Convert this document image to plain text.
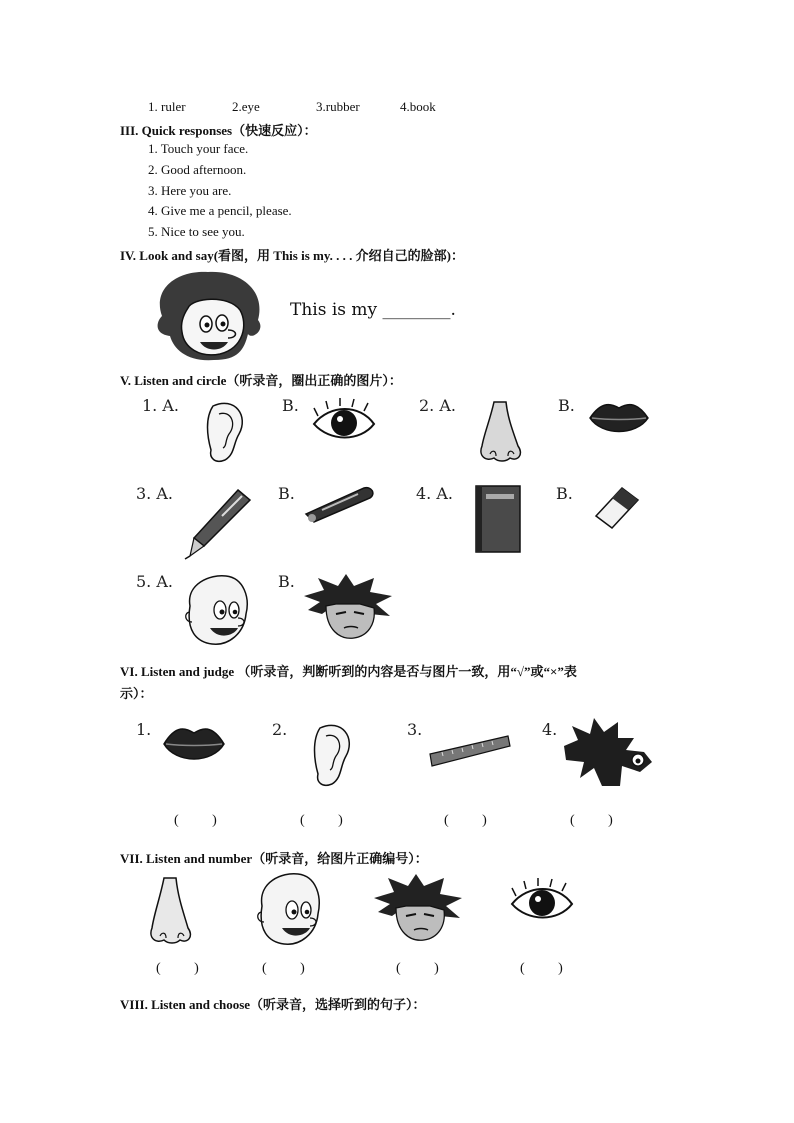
1. ruler	2.eye	3.rubber	4.book
III. Quick responses（快速反应）：
1. Touch your face.
2. Good afternoon.
3. Here you are.
4. Give me a pencil, please.
5. Nice to see you.
IV. Look and say(看图，用 This is my. . . . 介绍自己的脸部)：
This is my ________.
V. Listen and circle（听录音，圈出正确的图片）：
1. A.	B.	2. A.	B.
3. A.	B.	4. A.	B.
5. A.	B.
VI. Listen and judge （听录音，判断听到的内容是否与图片一致，用“√”或“×”表
示）：
1.	2.	3.	4.
( )	( )	( )	( )
VII. Listen and number（听录音，给图片正确编号）：
( )	( )	( )	( )
VIII. Listen and choose（听录音，选择听到的句子）：
